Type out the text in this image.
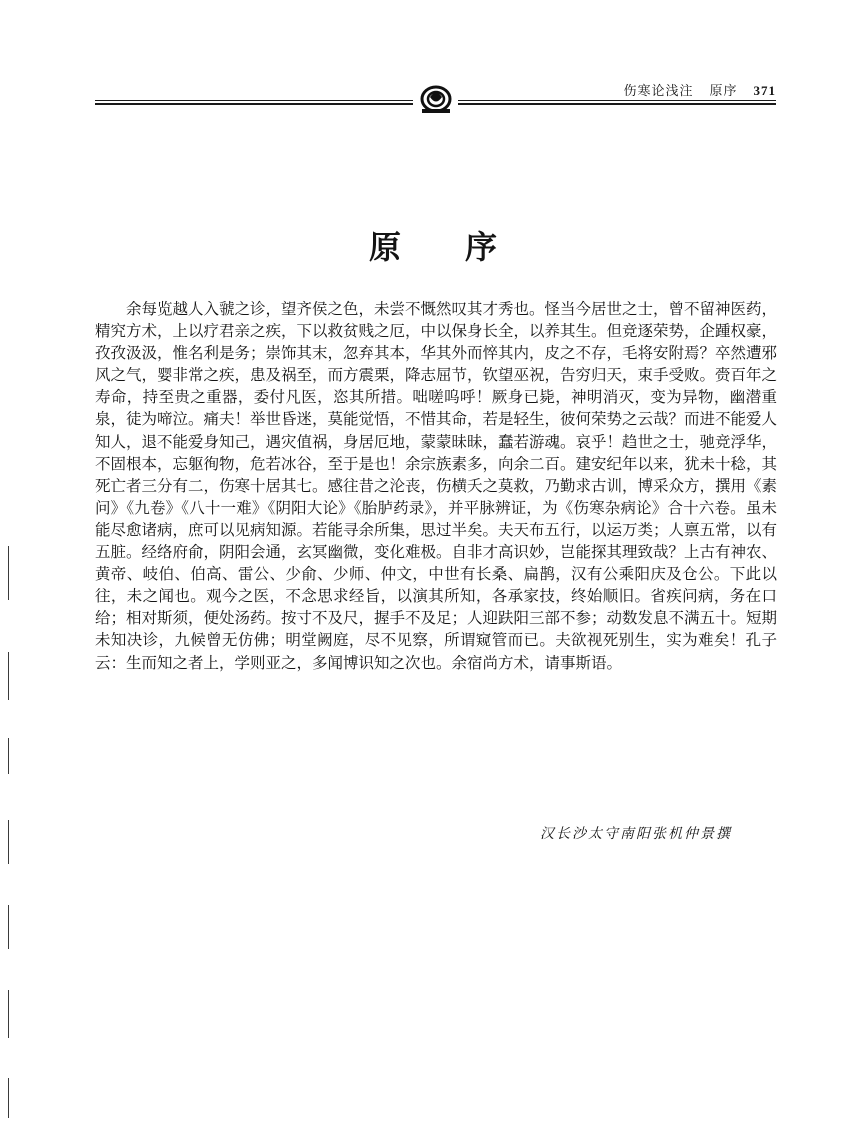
伤寒论浅注 原序 371
原序

余每览越人入虢之诊，望齐侯之色，未尝不慨然叹其才秀也。怪当今居世之士，曾不留神医药，精究方术，上以疗君亲之疾，下以救贫贱之厄，中以保身长全，以养其生。但竞逐荣势，企踵权豪，孜孜汲汲，惟名利是务；崇饰其末，忽弃其本，华其外而悴其内，皮之不存，毛将安附焉？卒然遭邪风之气，婴非常之疾，患及祸至，而方震栗，降志屈节，钦望巫祝，告穷归天，束手受败。赍百年之寿命，持至贵之重器，委付凡医，恣其所措。咄嗟呜呼！厥身已毙，神明消灭，变为异物，幽潜重泉，徒为啼泣。痛夫！举世昏迷，莫能觉悟，不惜其命，若是轻生，彼何荣势之云哉？而进不能爱人知人，退不能爱身知己，遇灾值祸，身居厄地，蒙蒙昧昧，蠢若游魂。哀乎！趋世之士，驰竞浮华，不固根本，忘躯徇物，危若冰谷，至于是也！余宗族素多，向余二百。建安纪年以来，犹未十稔，其死亡者三分有二，伤寒十居其七。感往昔之沦丧，伤横夭之莫救，乃勤求古训，博采众方，撰用《素问》《九卷》《八十一难》《阴阳大论》《胎胪药录》，并平脉辨证，为《伤寒杂病论》合十六卷。虽未能尽愈诸病，庶可以见病知源。若能寻余所集，思过半矣。夫天布五行，以运万类；人禀五常，以有五脏。经络府俞，阴阳会通，玄冥幽微，变化难极。自非才高识妙，岂能探其理致哉？上古有神农、黄帝、岐伯、伯高、雷公、少俞、少师、仲文，中世有长桑、扁鹊，汉有公乘阳庆及仓公。下此以往，未之闻也。观今之医，不念思求经旨，以演其所知，各承家技，终始顺旧。省疾问病，务在口给；相对斯须，便处汤药。按寸不及尺，握手不及足；人迎趺阳三部不参；动数发息不满五十。短期未知决诊，九候曾无仿佛；明堂阙庭，尽不见察，所谓窥管而已。夫欲视死别生，实为难矣！孔子云：生而知之者上，学则亚之，多闻博识知之次也。余宿尚方术，请事斯语。

汉长沙太守南阳张机仲景撰
